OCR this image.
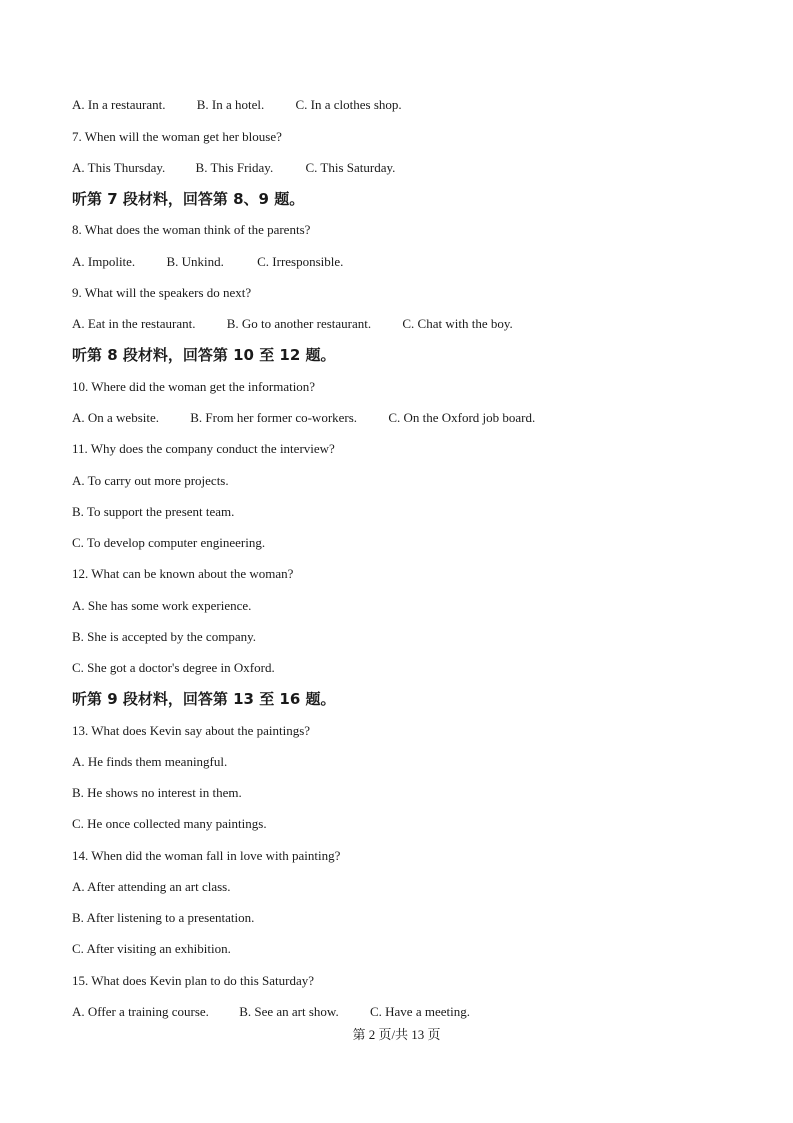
A. In a restaurant. B. In a hotel. C. In a clothes shop.
7. When will the woman get her blouse?
A. This Thursday. B. This Friday. C. This Saturday.
听第 7 段材料，回答第 8、9 题。
8. What does the woman think of the parents?
A. Impolite. B. Unkind.	C. Irresponsible.
9. What will the speakers do next?
A. Eat in the restaurant. B. Go to another restaurant. C. Chat with the boy.
听第 8 段材料，回答第 10 至 12 题。
10. Where did the woman get the information?
A. On a website. B. From her former co-workers. C. On the Oxford job board.
11. Why does the company conduct the interview?
A. To carry out more projects.
B. To support the present team.
C. To develop computer engineering.
12. What can be known about the woman?
A. She has some work experience.
B. She is accepted by the company.
C. She got a doctor's degree in Oxford.
听第 9 段材料，回答第 13 至 16 题。
13. What does Kevin say about the paintings?
A. He finds them meaningful.
B. He shows no interest in them.
C. He once collected many paintings.
14. When did the woman fall in love with painting?
A. After attending an art class.
B. After listening to a presentation.
C. After visiting an exhibition.
15. What does Kevin plan to do this Saturday?
A. Offer a training course. B. See an art show. C. Have a meeting.
第 2 页/共 13 页
